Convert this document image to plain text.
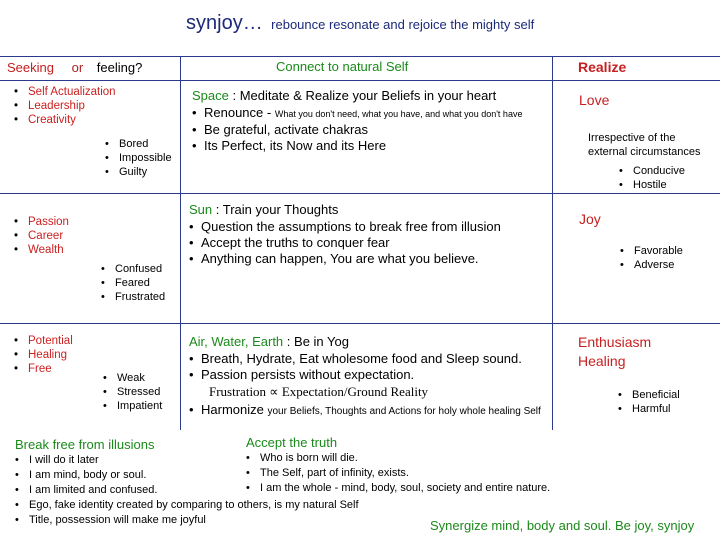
synjoy… rebounce resonate and rejoice the mighty self
Seeking or feeling?	Connect to natural Self	Realize
• Self Actualization
• Leadership
• Creativity
• Bored
• Impossible
• Guilty
Space : Meditate & Realize your Beliefs in your heart
• Renounce - What you don't need, what you have, and what you don't have
• Be grateful, activate chakras
• Its Perfect, its Now and its Here
Love
Irrespective of the
external circumstances
• Conducive
• Hostile
• Passion
• Career
• Wealth
• Confused
• Feared
• Frustrated
Sun : Train your Thoughts
• Question the assumptions to break free from illusion
• Accept the truths to conquer fear
• Anything can happen, You are what you believe.
Joy
• Favorable
• Adverse
• Potential
• Healing
• Free
• Weak
• Stressed
• Impatient
Air, Water, Earth : Be in Yog
• Breath, Hydrate, Eat wholesome food and Sleep sound.
• Passion persists without expectation.
Frustration ∝ Expectation/Ground Reality
• Harmonize your Beliefs, Thoughts and Actions for holy whole healing Self
Enthusiasm
Healing
• Beneficial
• Harmful
Break free from illusions
• I will do it later
• I am mind, body or soul.
• I am limited and confused.
• Ego, fake identity created by comparing to others, is my natural Self
• Title, possession will make me joyful
Accept the truth
• Who is born will die.
• The Self, part of infinity, exists.
• I am the whole - mind, body, soul, society and entire nature.
Synergize mind, body and soul. Be joy, synjoy
